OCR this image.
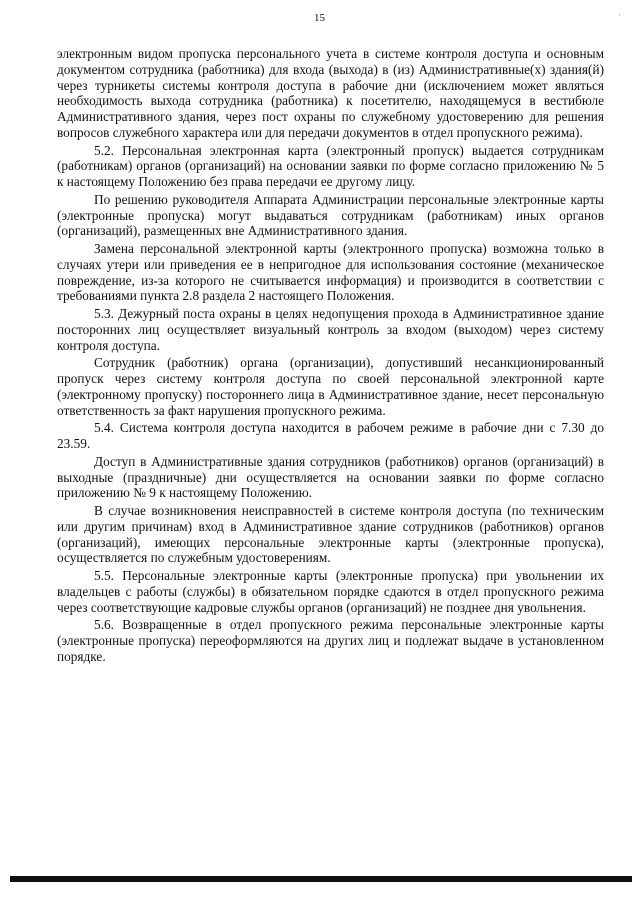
15	·

электронным видом пропуска персонального учета в системе контроля доступа и основным документом сотрудника (работника) для входа (выхода) в (из) Административные(х) здания(й) через турникеты системы контроля доступа в рабочие дни (исключением может являться необходимость выхода сотрудника (работника) к посетителю, находящемуся в вестибюле Административного здания, через пост охраны по служебному удостоверению для решения вопросов служебного характера или для передачи документов в отдел пропускного режима).

5.2. Персональная электронная карта (электронный пропуск) выдается сотрудникам (работникам) органов (организаций) на основании заявки по форме согласно приложению № 5 к настоящему Положению без права передачи ее другому лицу.

По решению руководителя Аппарата Администрации персональные электронные карты (электронные пропуска) могут выдаваться сотрудникам (работникам) иных органов (организаций), размещенных вне Административного здания.

Замена персональной электронной карты (электронного пропуска) возможна только в случаях утери или приведения ее в непригодное для использования состояние (механическое повреждение, из-за которого не считывается информация) и производится в соответствии с требованиями пункта 2.8 раздела 2 настоящего Положения.

5.3. Дежурный поста охраны в целях недопущения прохода в Административное здание посторонних лиц осуществляет визуальный контроль за входом (выходом) через систему контроля доступа.

Сотрудник (работник) органа (организации), допустивший несанкционированный пропуск через систему контроля доступа по своей персональной электронной карте (электронному пропуску) постороннего лица в Административное здание, несет персональную ответственность за факт нарушения пропускного режима.

5.4. Система контроля доступа находится в рабочем режиме в рабочие дни с 7.30 до 23.59.

Доступ в Административные здания сотрудников (работников) органов (организаций) в выходные (праздничные) дни осуществляется на основании заявки по форме согласно приложению № 9 к настоящему Положению.

В случае возникновения неисправностей в системе контроля доступа (по техническим или другим причинам) вход в Административное здание сотрудников (работников) органов (организаций), имеющих персональные электронные карты (электронные пропуска), осуществляется по служебным удостоверениям.

5.5. Персональные электронные карты (электронные пропуска) при увольнении их владельцев с работы (службы) в обязательном порядке сдаются в отдел пропускного режима через соответствующие кадровые службы органов (организаций) не позднее дня увольнения.

5.6. Возвращенные в отдел пропускного режима персональные электронные карты (электронные пропуска) переоформляются на других лиц и подлежат выдаче в установленном порядке.
